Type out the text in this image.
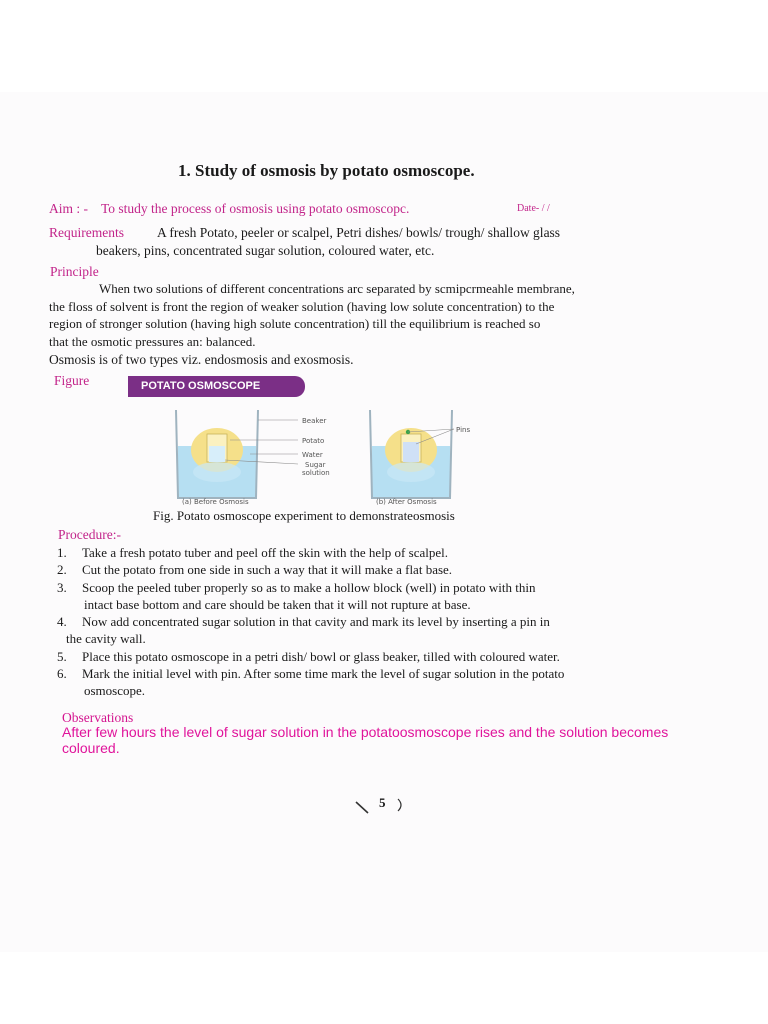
1. Study of osmosis by potato osmoscope.
Aim : - To study the process of osmosis using potato osmoscopc.	Date- / /
Requirements A fresh Potato, peeler or scalpel, Petri dishes/ bowls/ trough/ shallow glass
beakers, pins, concentrated sugar solution, coloured water, etc.
Principle
When two solutions of different concentrations arc separated by scmipcrmeahle membrane,
the floss of solvent is front the region of weaker solution (having low solute concentration) to the
region of stronger solution (having high solute concentration) till the equilibrium is reached so
that the osmotic pressures an: balanced.
Osmosis is of two types viz. endosmosis and exosmosis.
Figure	POTATO OSMOSCOPE
Beaker
Potato
Water
Sugar
solution
Pins
(a) Before Osmosis	(b) After Osmosis
Fig. Potato osmoscope experiment to demonstrateosmosis
Procedure:-
1. Take a fresh potato tuber and peel off the skin with the help of scalpel.
2. Cut the potato from one side in such a way that it will make a flat base.
3. Scoop the peeled tuber properly so as to make a hollow block (well) in potato with thin
intact base bottom and care should be taken that it will not rupture at base.
4. Now add concentrated sugar solution in that cavity and mark its level by inserting a pin in
the cavity wall.
5. Place this potato osmoscope in a petri dish/ bowl or glass beaker, tilled with coloured water.
6. Mark the initial level with pin. After some time mark the level of sugar solution in the potato
osmoscope.
Observations
After few hours the level of sugar solution in the potatoosmoscope rises and the solution becomes coloured.
5
